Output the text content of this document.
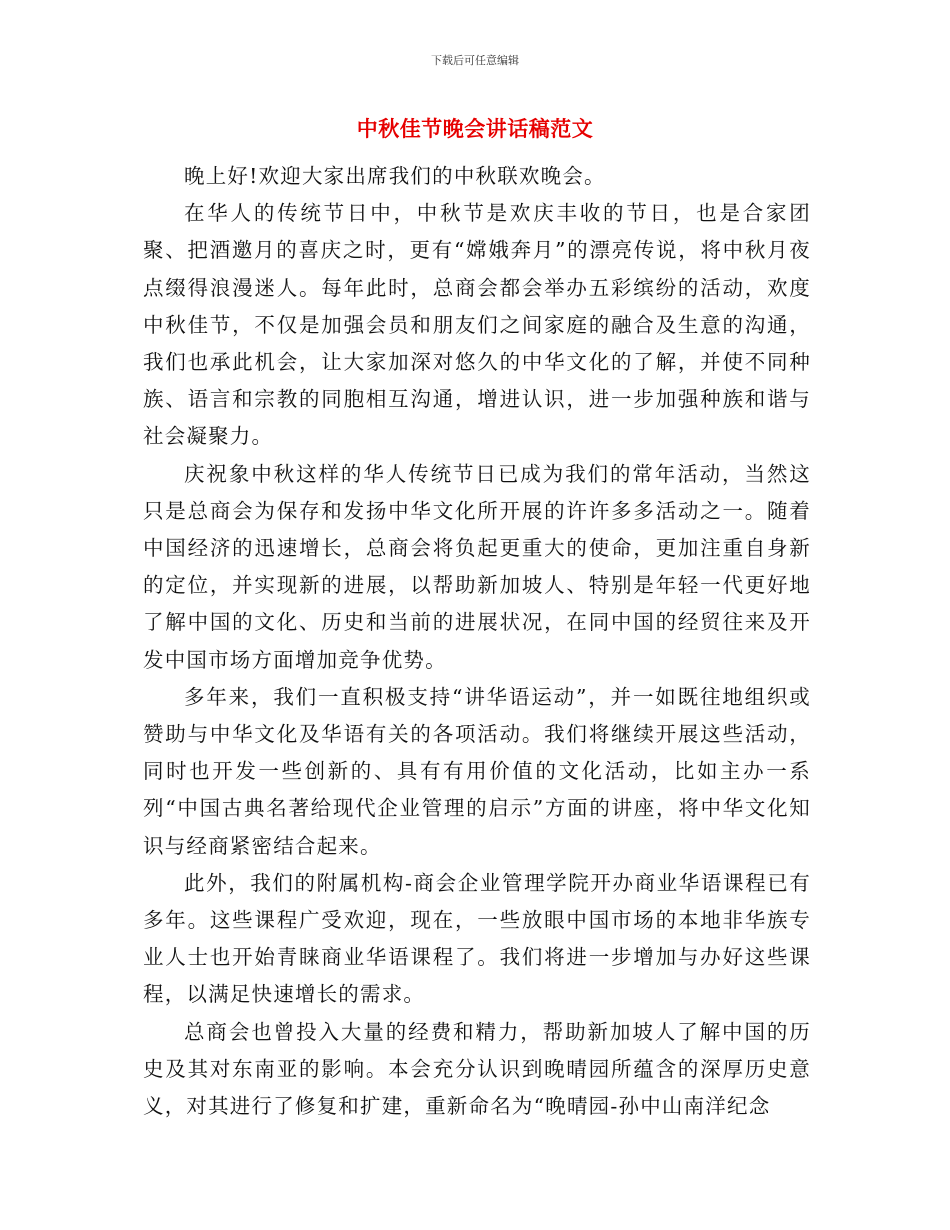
下载后可任意编辑
中秋佳节晚会讲话稿范文

晚上好!欢迎大家出席我们的中秋联欢晚会。

在华人的传统节日中，中秋节是欢庆丰收的节日，也是合家团聚、把酒邀月的喜庆之时，更有“嫦娥奔月”的漂亮传说，将中秋月夜点缀得浪漫迷人。每年此时，总商会都会举办五彩缤纷的活动，欢度中秋佳节，不仅是加强会员和朋友们之间家庭的融合及生意的沟通，我们也承此机会，让大家加深对悠久的中华文化的了解，并使不同种族、语言和宗教的同胞相互沟通，增进认识，进一步加强种族和谐与社会凝聚力。

庆祝象中秋这样的华人传统节日已成为我们的常年活动，当然这只是总商会为保存和发扬中华文化所开展的许许多多活动之一。随着中国经济的迅速增长，总商会将负起更重大的使命，更加注重自身新的定位，并实现新的进展，以帮助新加坡人、特别是年轻一代更好地了解中国的文化、历史和当前的进展状况，在同中国的经贸往来及开发中国市场方面增加竞争优势。

多年来，我们一直积极支持“讲华语运动”，并一如既往地组织或赞助与中华文化及华语有关的各项活动。我们将继续开展这些活动，同时也开发一些创新的、具有有用价值的文化活动，比如主办一系列“中国古典名著给现代企业管理的启示”方面的讲座，将中华文化知识与经商紧密结合起来。

此外，我们的附属机构-商会企业管理学院开办商业华语课程已有多年。这些课程广受欢迎，现在，一些放眼中国市场的本地非华族专业人士也开始青睐商业华语课程了。我们将进一步增加与办好这些课程，以满足快速增长的需求。

总商会也曾投入大量的经费和精力，帮助新加坡人了解中国的历史及其对东南亚的影响。本会充分认识到晚晴园所蕴含的深厚历史意义，对其进行了修复和扩建，重新命名为“晚晴园-孙中山南洋纪念
